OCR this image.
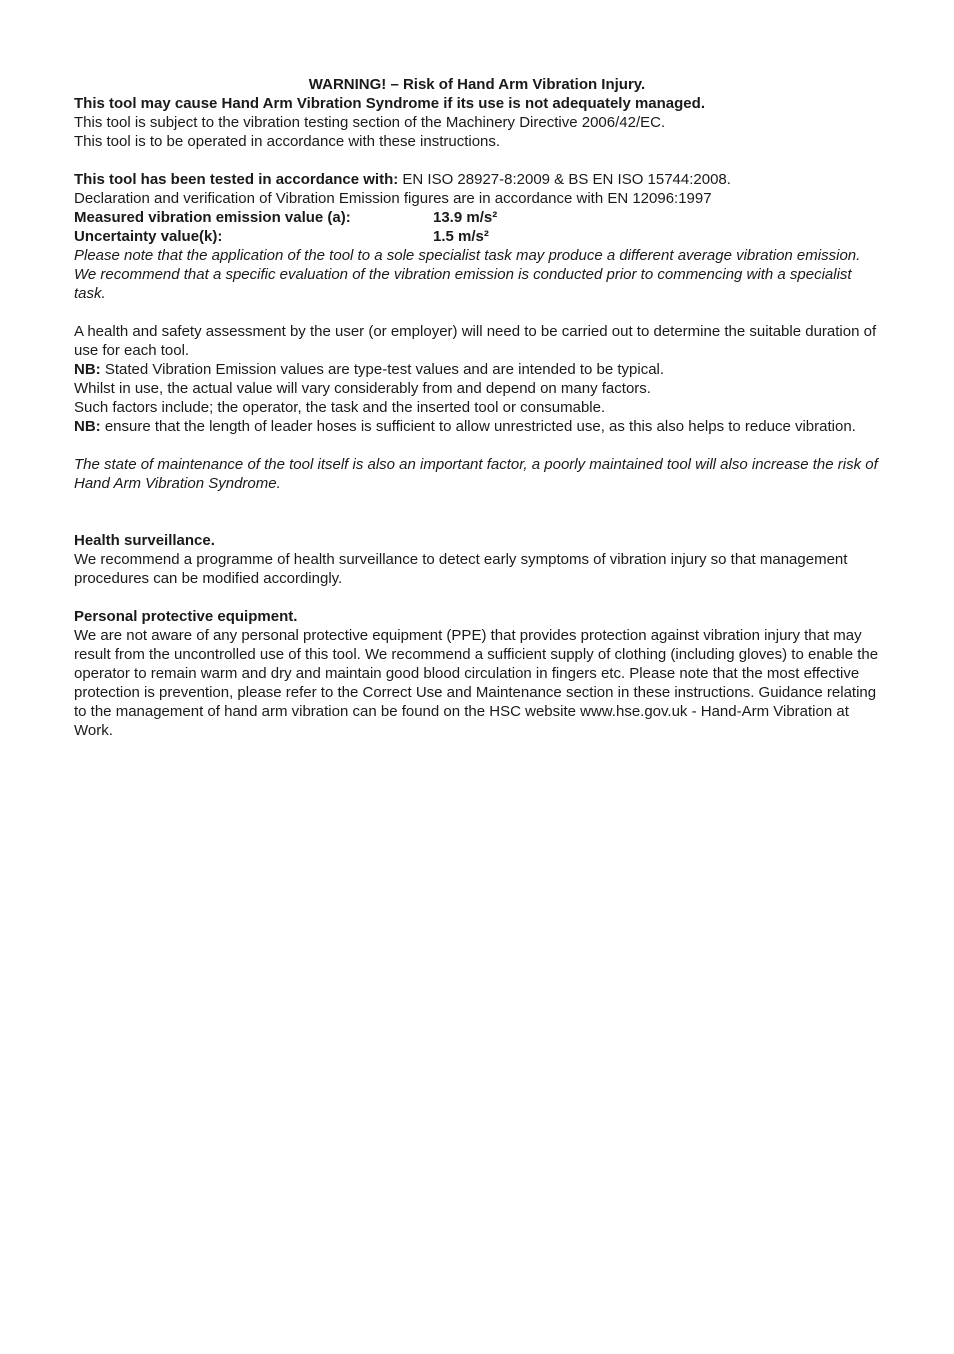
WARNING! – Risk of Hand Arm Vibration Injury.

This tool may cause Hand Arm Vibration Syndrome if its use is not adequately managed.

This tool is subject to the vibration testing section of the Machinery Directive 2006/42/EC.

This tool is to be operated in accordance with these instructions.

This tool has been tested in accordance with: EN ISO 28927-8:2009 & BS EN ISO 15744:2008.

Declaration and verification of Vibration Emission figures are in accordance with EN 12096:1997

Measured vibration emission value (a):	13.9 m/s²
Uncertainty value(k):	1.5 m/s²

Please note that the application of the tool to a sole specialist task may produce a different average vibration emission. We recommend that a specific evaluation of the vibration emission is conducted prior to commencing with a specialist task.

A health and safety assessment by the user (or employer) will need to be carried out to determine the suitable duration of use for each tool.

NB: Stated Vibration Emission values are type-test values and are intended to be typical.

Whilst in use, the actual value will vary considerably from and depend on many factors.

Such factors include; the operator, the task and the inserted tool or consumable.

NB: ensure that the length of leader hoses is sufficient to allow unrestricted use, as this also helps to reduce vibration.

The state of maintenance of the tool itself is also an important factor, a poorly maintained tool will also increase the risk of Hand Arm Vibration Syndrome.

Health surveillance.

We recommend a programme of health surveillance to detect early symptoms of vibration injury so that management procedures can be modified accordingly.

Personal protective equipment.

We are not aware of any personal protective equipment (PPE) that provides protection against vibration injury that may result from the uncontrolled use of this tool. We recommend a sufficient supply of clothing (including gloves) to enable the operator to remain warm and dry and maintain good blood circulation in fingers etc. Please note that the most effective protection is prevention, please refer to the Correct Use and Maintenance section in these instructions. Guidance relating to the management of hand arm vibration can be found on the HSC website www.hse.gov.uk - Hand-Arm Vibration at Work.
